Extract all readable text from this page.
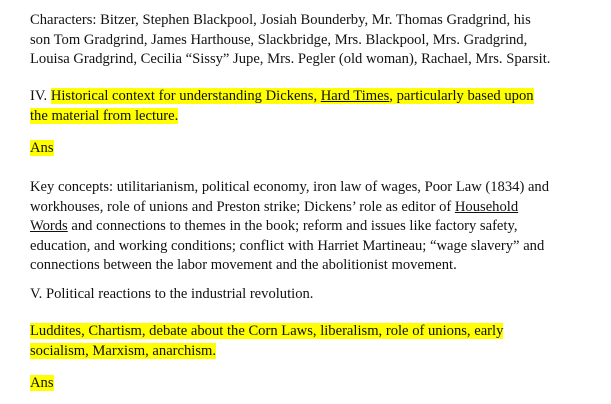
Characters: Bitzer, Stephen Blackpool, Josiah Bounderby, Mr. Thomas Gradgrind, his
son Tom Gradgrind, James Harthouse, Slackbridge, Mrs. Blackpool, Mrs. Gradgrind,
Louisa Gradgrind, Cecilia “Sissy” Jupe, Mrs. Pegler (old woman), Rachael, Mrs. Sparsit.
IV. Historical context for understanding Dickens, Hard Times, particularly based upon
the material from lecture.
Ans
Key concepts: utilitarianism, political economy, iron law of wages, Poor Law (1834) and
workhouses, role of unions and Preston strike; Dickens’ role as editor of Household
Words and connections to themes in the book; reform and issues like factory safety,
education, and working conditions; conflict with Harriet Martineau; “wage slavery” and
connections between the labor movement and the abolitionist movement.
V. Political reactions to the industrial revolution.
Luddites, Chartism, debate about the Corn Laws, liberalism, role of unions, early
socialism, Marxism, anarchism.
Ans
